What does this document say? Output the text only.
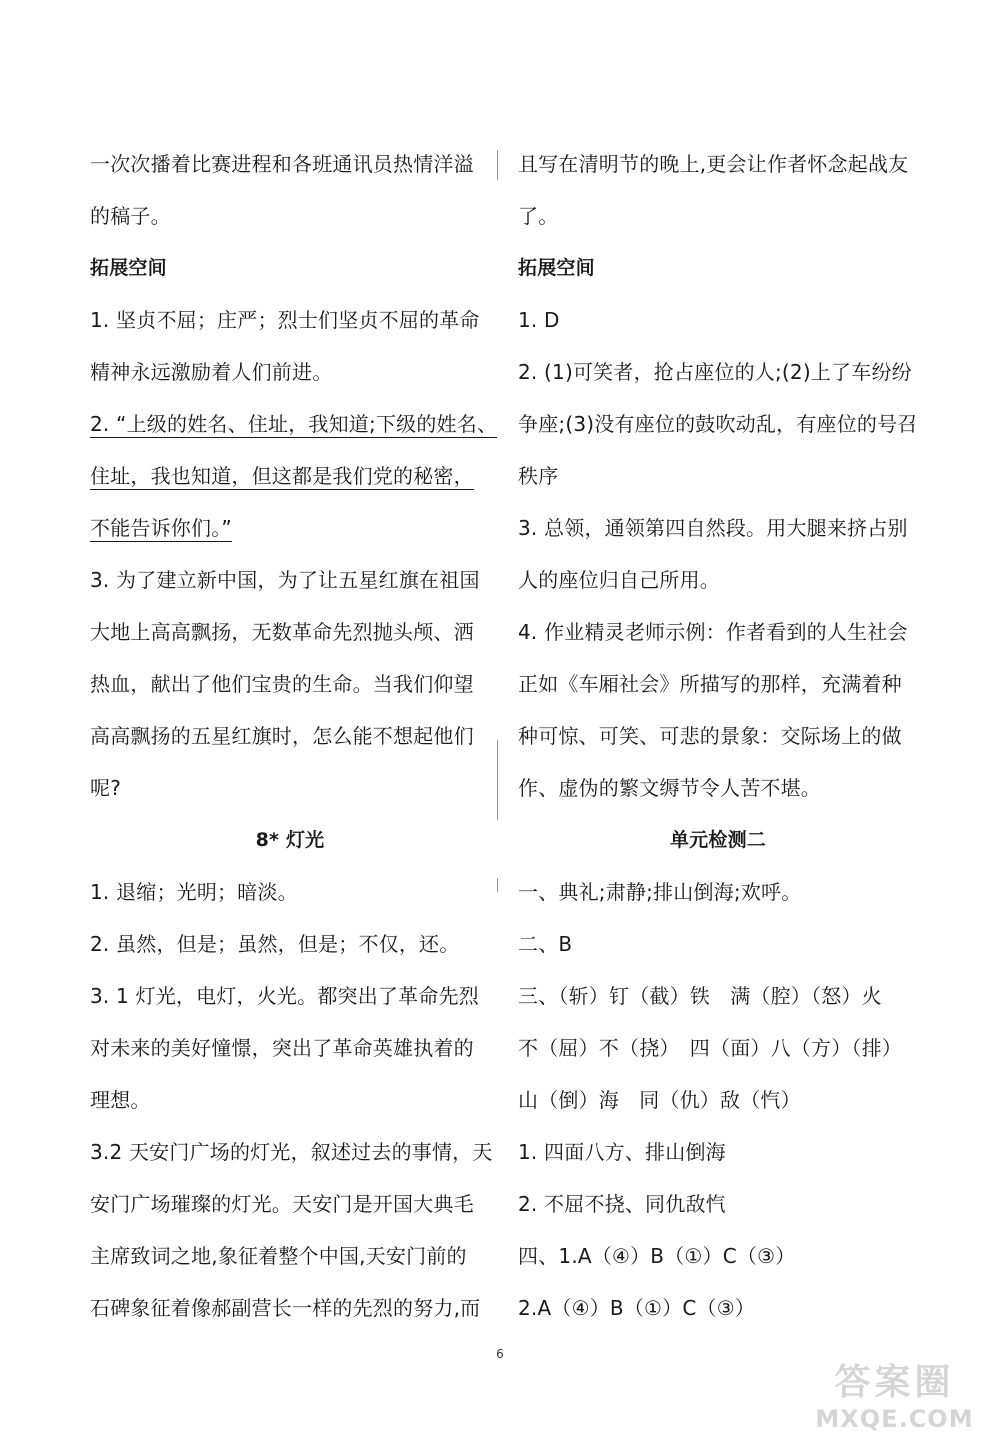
一次次播着比赛进程和各班通讯员热情洋溢
的稿子。
拓展空间
1. 坚贞不屈；庄严；烈士们坚贞不屈的革命
精神永远激励着人们前进。
2. “上级的姓名、住址，我知道;下级的姓名、
住址，我也知道，但这都是我们党的秘密，
不能告诉你们。”
3. 为了建立新中国，为了让五星红旗在祖国
大地上高高飘扬，无数革命先烈抛头颅、洒
热血，献出了他们宝贵的生命。当我们仰望
高高飘扬的五星红旗时，怎么能不想起他们
呢?
8* 灯光
1. 退缩；光明；暗淡。
2. 虽然，但是；虽然，但是；不仅，还。
3. 1 灯光，电灯，火光。都突出了革命先烈
对未来的美好憧憬，突出了革命英雄执着的
理想。
3.2 天安门广场的灯光，叙述过去的事情，天
安门广场璀璨的灯光。天安门是开国大典毛
主席致词之地,象征着整个中国,天安门前的
石碑象征着像郝副营长一样的先烈的努力,而
且写在清明节的晚上,更会让作者怀念起战友
了。
拓展空间
1. D
2. (1)可笑者，抢占座位的人;(2)上了车纷纷
争座;(3)没有座位的鼓吹动乱，有座位的号召
秩序
3. 总领，通领第四自然段。用大腿来挤占别
人的座位归自己所用。
4. 作业精灵老师示例：作者看到的人生社会
正如《车厢社会》所描写的那样，充满着种
种可惊、可笑、可悲的景象：交际场上的做
作、虚伪的繁文缛节令人苦不堪。
单元检测二
一、典礼;肃静;排山倒海;欢呼。
二、B
三、（斩）钉（截）铁　满（腔）（怒）火
不（屈）不（挠）　四（面）八（方）（排）
山（倒）海　同（仇）敌（忾）
1. 四面八方、排山倒海
2. 不屈不挠、同仇敌忾
四、1.A（④）B（①）C（③）
2.A（④）B（①）C（③）
6
答案圈
MXQE.COM
